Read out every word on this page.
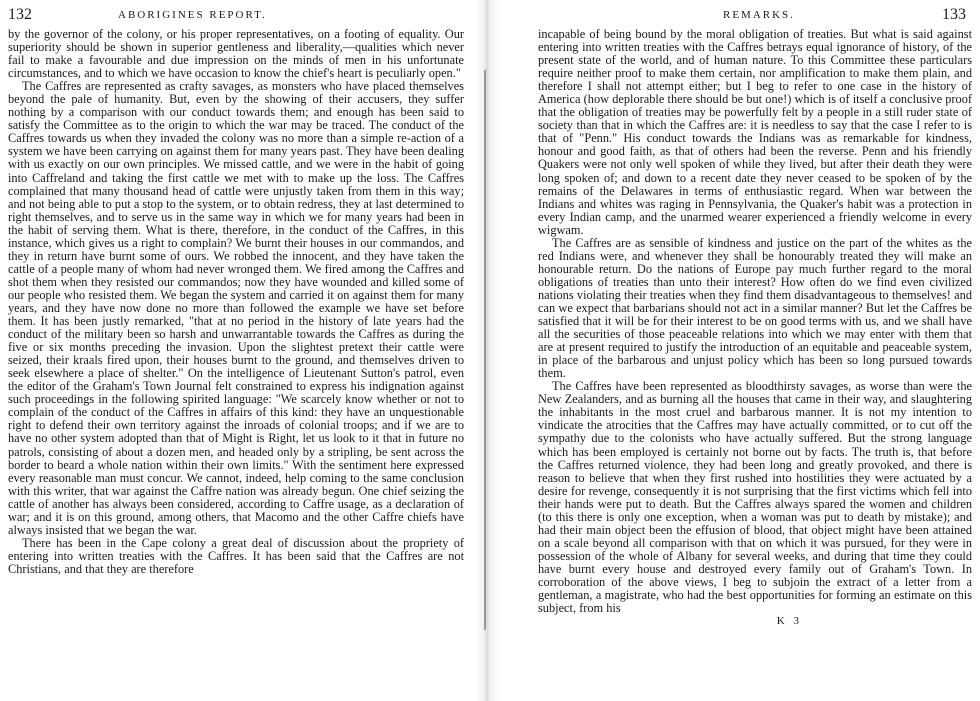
132	ABORIGINES REPORT.

by the governor of the colony, or his proper representatives, on a footing of equality. Our superiority should be shown in superior gentleness and liberality,—qualities which never fail to make a favourable and due impression on the minds of men in his unfortunate circumstances, and to which we have occasion to know the chief's heart is peculiarly open."

The Caffres are represented as crafty savages, as monsters who have placed themselves beyond the pale of humanity. But, even by the showing of their accusers, they suffer nothing by a comparison with our conduct towards them; and enough has been said to satisfy the Committee as to the origin to which the war may be traced. The conduct of the Caffres towards us when they invaded the colony was no more than a simple re-action of a system we have been carrying on against them for many years past. They have been dealing with us exactly on our own principles. We missed cattle, and we were in the habit of going into Caffreland and taking the first cattle we met with to make up the loss. The Caffres complained that many thousand head of cattle were unjustly taken from them in this way; and not being able to put a stop to the system, or to obtain redress, they at last determined to right themselves, and to serve us in the same way in which we for many years had been in the habit of serving them. What is there, therefore, in the conduct of the Caffres, in this instance, which gives us a right to complain? We burnt their houses in our commandos, and they in return have burnt some of ours. We robbed the innocent, and they have taken the cattle of a people many of whom had never wronged them. We fired among the Caffres and shot them when they resisted our commandos; now they have wounded and killed some of our people who resisted them. We began the system and carried it on against them for many years, and they have now done no more than followed the example we have set before them. It has been justly remarked, "that at no period in the history of late years had the conduct of the military been so harsh and unwarrantable towards the Caffres as during the five or six months preceding the invasion. Upon the slightest pretext their cattle were seized, their kraals fired upon, their houses burnt to the ground, and themselves driven to seek elsewhere a place of shelter." On the intelligence of Lieutenant Sutton's patrol, even the editor of the Graham's Town Journal felt constrained to express his indignation against such proceedings in the following spirited language: "We scarcely know whether or not to complain of the conduct of the Caffres in affairs of this kind: they have an unquestionable right to defend their own territory against the inroads of colonial troops; and if we are to have no other system adopted than that of Might is Right, let us look to it that in future no patrols, consisting of about a dozen men, and headed only by a stripling, be sent across the border to beard a whole nation within their own limits." With the sentiment here expressed every reasonable man must concur. We cannot, indeed, help coming to the same conclusion with this writer, that war against the Caffre nation was already begun. One chief seizing the cattle of another has always been considered, according to Caffre usage, as a declaration of war; and it is on this ground, among others, that Macomo and the other Caffre chiefs have always insisted that we began the war.

There has been in the Cape colony a great deal of discussion about the propriety of entering into written treaties with the Caffres. It has been said that the Caffres are not Christians, and that they are therefore

REMARKS.	133

incapable of being bound by the moral obligation of treaties. But what is said against entering into written treaties with the Caffres betrays equal ignorance of history, of the present state of the world, and of human nature. To this Committee these particulars require neither proof to make them certain, nor amplification to make them plain, and therefore I shall not attempt either; but I beg to refer to one case in the history of America (how deplorable there should be but one!) which is of itself a conclusive proof that the obligation of treaties may be powerfully felt by a people in a still ruder state of society than that in which the Caffres are: it is needless to say that the case I refer to is that of "Penn." His conduct towards the Indians was as remarkable for kindness, honour and good faith, as that of others had been the reverse. Penn and his friendly Quakers were not only well spoken of while they lived, but after their death they were long spoken of; and down to a recent date they never ceased to be spoken of by the remains of the Delawares in terms of enthusiastic regard. When war between the Indians and whites was raging in Pennsylvania, the Quaker's habit was a protection in every Indian camp, and the unarmed wearer experienced a friendly welcome in every wigwam.

The Caffres are as sensible of kindness and justice on the part of the whites as the red Indians were, and whenever they shall be honourably treated they will make an honourable return. Do the nations of Europe pay much further regard to the moral obligations of treaties than unto their interest? How often do we find even civilized nations violating their treaties when they find them disadvantageous to themselves! and can we expect that barbarians should not act in a similar manner? But let the Caffres be satisfied that it will be for their interest to be on good terms with us, and we shall have all the securities of those peaceable relations into which we may enter with them that are at present required to justify the introduction of an equitable and peaceable system, in place of the barbarous and unjust policy which has been so long pursued towards them.

The Caffres have been represented as bloodthirsty savages, as worse than were the New Zealanders, and as burning all the houses that came in their way, and slaughtering the inhabitants in the most cruel and barbarous manner. It is not my intention to vindicate the atrocities that the Caffres may have actually committed, or to cut off the sympathy due to the colonists who have actually suffered. But the strong language which has been employed is certainly not borne out by facts. The truth is, that before the Caffres returned violence, they had been long and greatly provoked, and there is reason to believe that when they first rushed into hostilities they were actuated by a desire for revenge, consequently it is not surprising that the first victims which fell into their hands were put to death. But the Caffres always spared the women and children (to this there is only one exception, when a woman was put to death by mistake); and had their main object been the effusion of blood, that object might have been attained on a scale beyond all comparison with that on which it was pursued, for they were in possession of the whole of Albany for several weeks, and during that time they could have burnt every house and destroyed every family out of Graham's Town. In corroboration of the above views, I beg to subjoin the extract of a letter from a gentleman, a magistrate, who had the best opportunities for forming an estimate on this subject, from his

K 3
